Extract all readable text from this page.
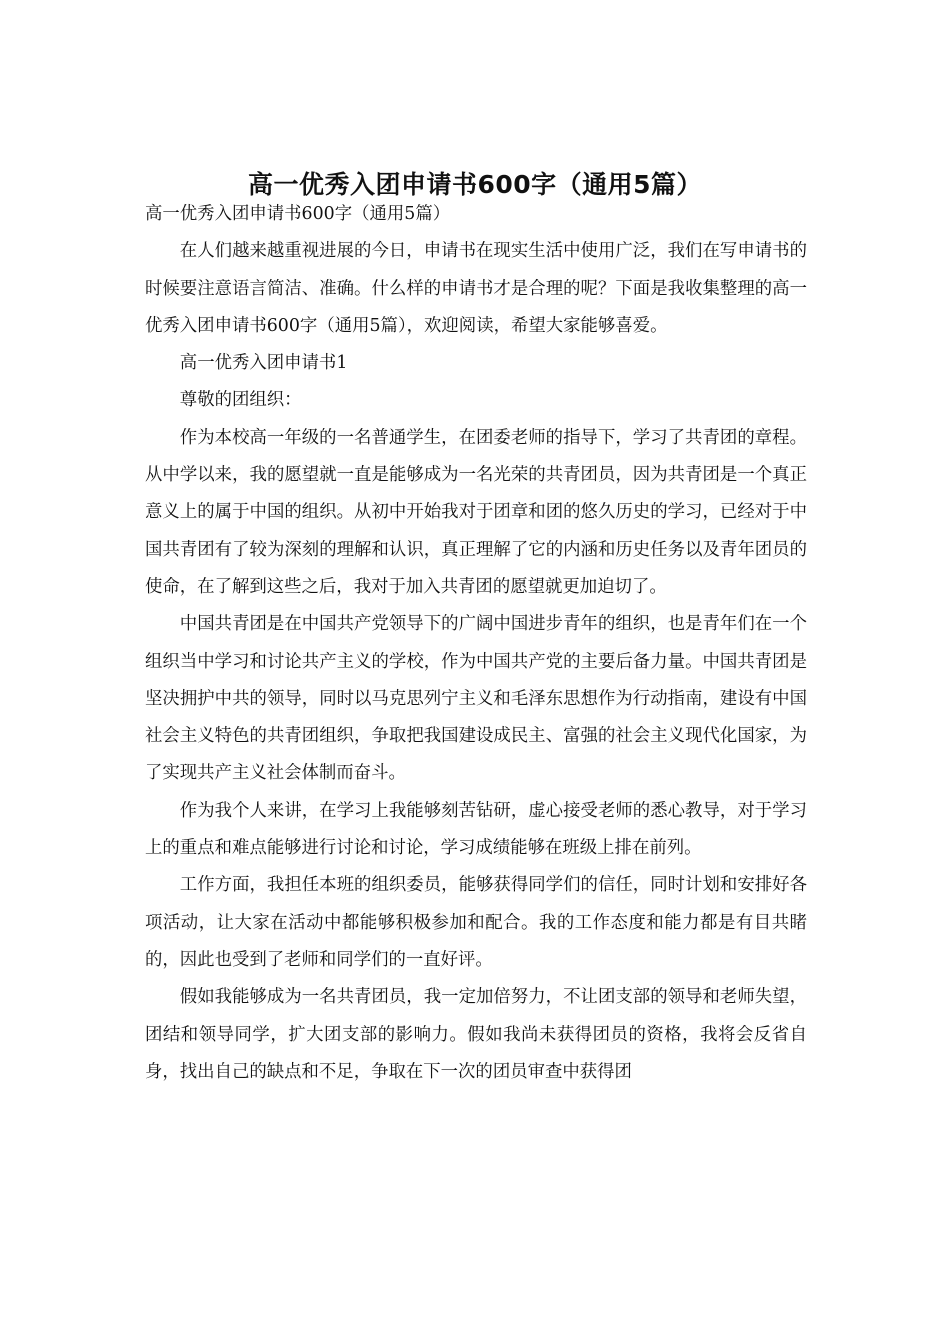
高一优秀入团申请书600字（通用5篇）

高一优秀入团申请书600字（通用5篇）

在人们越来越重视进展的今日，申请书在现实生活中使用广泛，我们在写申请书的时候要注意语言简洁、准确。什么样的申请书才是合理的呢？下面是我收集整理的高一优秀入团申请书600字（通用5篇），欢迎阅读，希望大家能够喜爱。

高一优秀入团申请书1

尊敬的团组织：

作为本校高一年级的一名普通学生，在团委老师的指导下，学习了共青团的章程。从中学以来，我的愿望就一直是能够成为一名光荣的共青团员，因为共青团是一个真正意义上的属于中国的组织。从初中开始我对于团章和团的悠久历史的学习，已经对于中国共青团有了较为深刻的理解和认识，真正理解了它的内涵和历史任务以及青年团员的使命，在了解到这些之后，我对于加入共青团的愿望就更加迫切了。

中国共青团是在中国共产党领导下的广阔中国进步青年的组织，也是青年们在一个组织当中学习和讨论共产主义的学校，作为中国共产党的主要后备力量。中国共青团是坚决拥护中共的领导，同时以马克思列宁主义和毛泽东思想作为行动指南，建设有中国社会主义特色的共青团组织，争取把我国建设成民主、富强的社会主义现代化国家，为了实现共产主义社会体制而奋斗。

作为我个人来讲，在学习上我能够刻苦钻研，虚心接受老师的悉心教导，对于学习上的重点和难点能够进行讨论和讨论，学习成绩能够在班级上排在前列。

工作方面，我担任本班的组织委员，能够获得同学们的信任，同时计划和安排好各项活动，让大家在活动中都能够积极参加和配合。我的工作态度和能力都是有目共睹的，因此也受到了老师和同学们的一直好评。

假如我能够成为一名共青团员，我一定加倍努力，不让团支部的领导和老师失望，团结和领导同学，扩大团支部的影响力。假如我尚未获得团员的资格，我将会反省自身，找出自己的缺点和不足，争取在下一次的团员审查中获得团
